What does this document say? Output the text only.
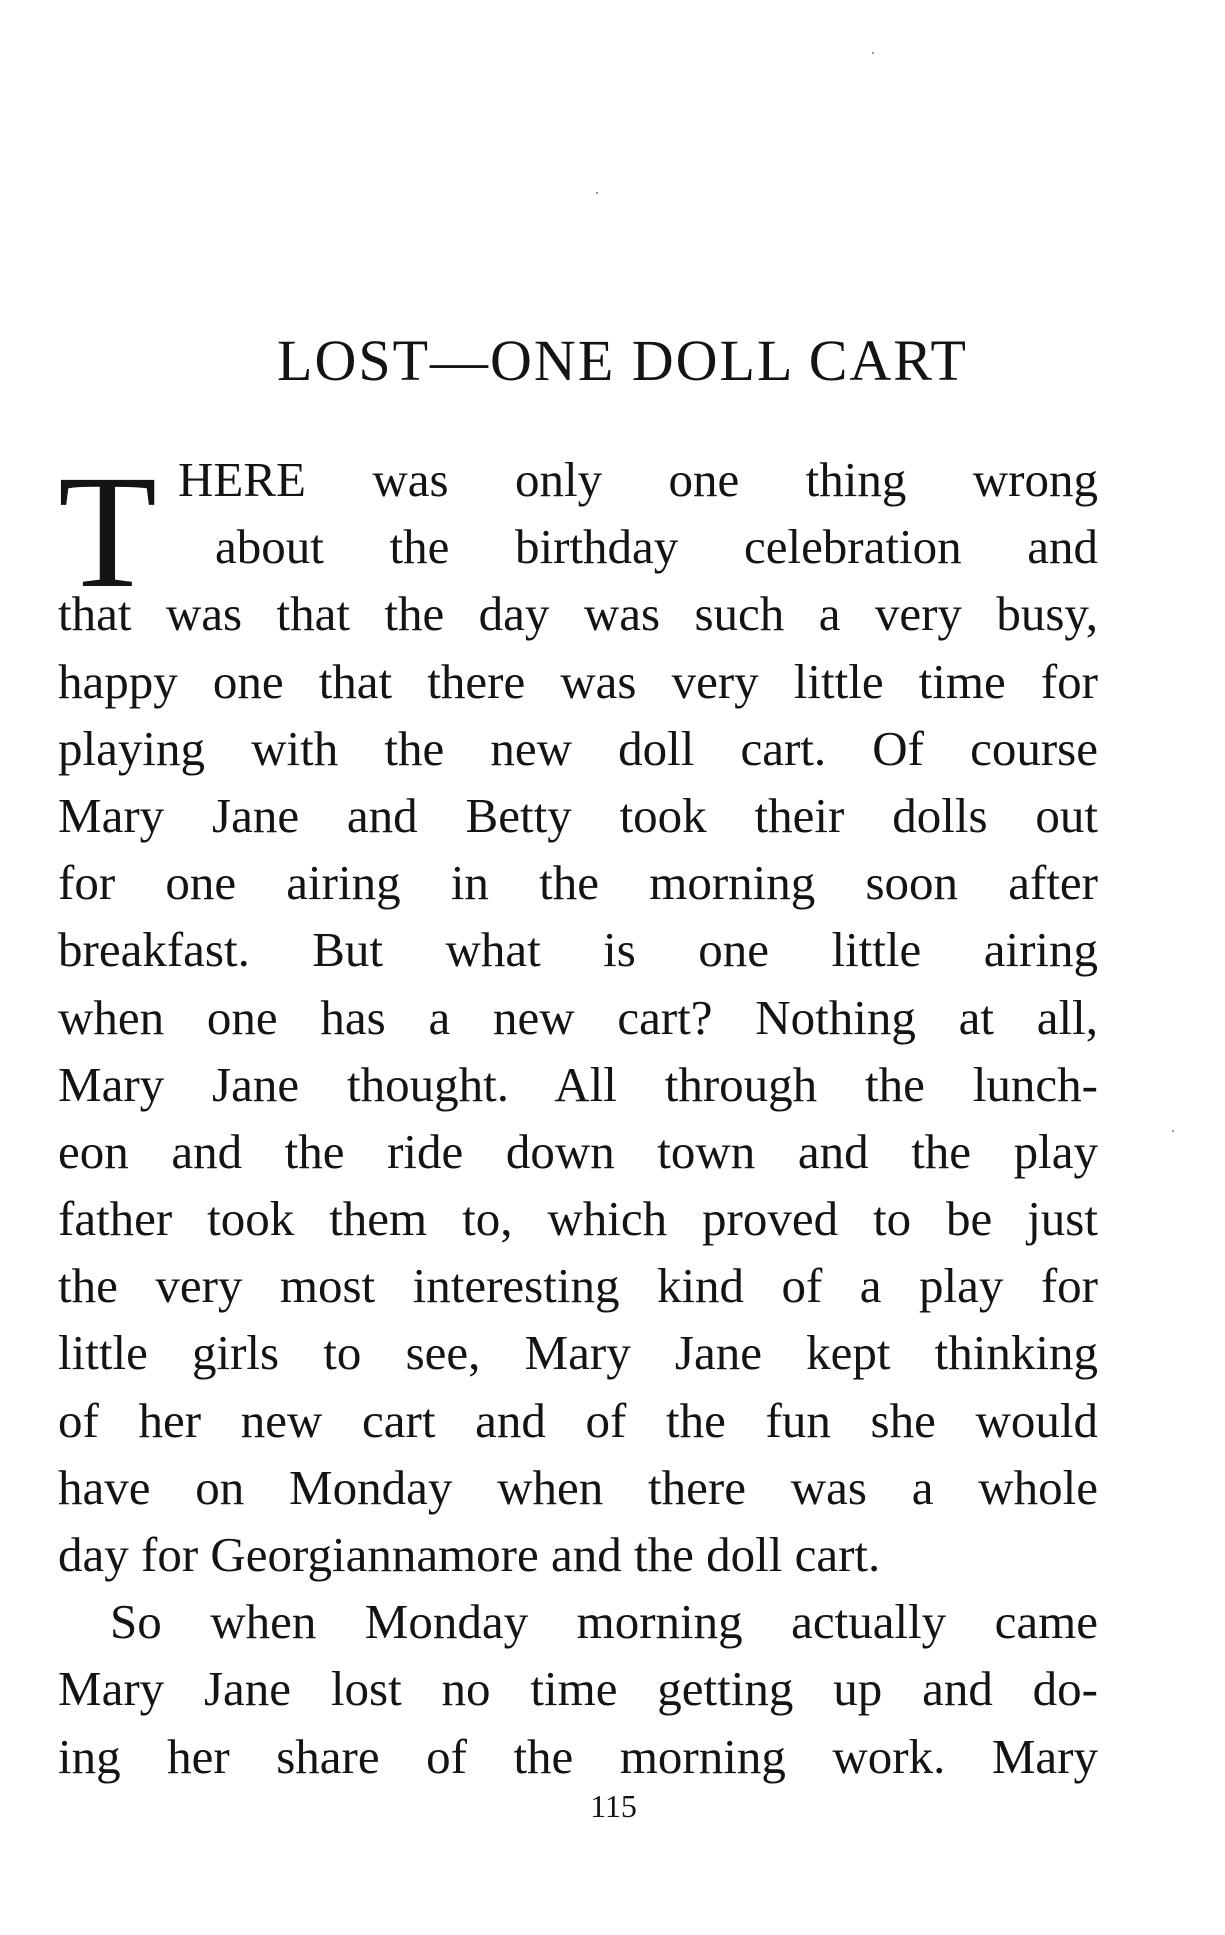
LOST—ONE DOLL CART
T HERE was only one thing wrong
about the birthday celebration and
that was that the day was such a very busy,
happy one that there was very little time for
playing with the new doll cart. Of course
Mary Jane and Betty took their dolls out
for one airing in the morning soon after
breakfast. But what is one little airing
when one has a new cart? Nothing at all,
Mary Jane thought. All through the lunch-
eon and the ride down town and the play
father took them to, which proved to be just
the very most interesting kind of a play for
little girls to see, Mary Jane kept thinking
of her new cart and of the fun she would
have on Monday when there was a whole
day for Georgiannamore and the doll cart.
So when Monday morning actually came
Mary Jane lost no time getting up and do-
ing her share of the morning work. Mary
115
